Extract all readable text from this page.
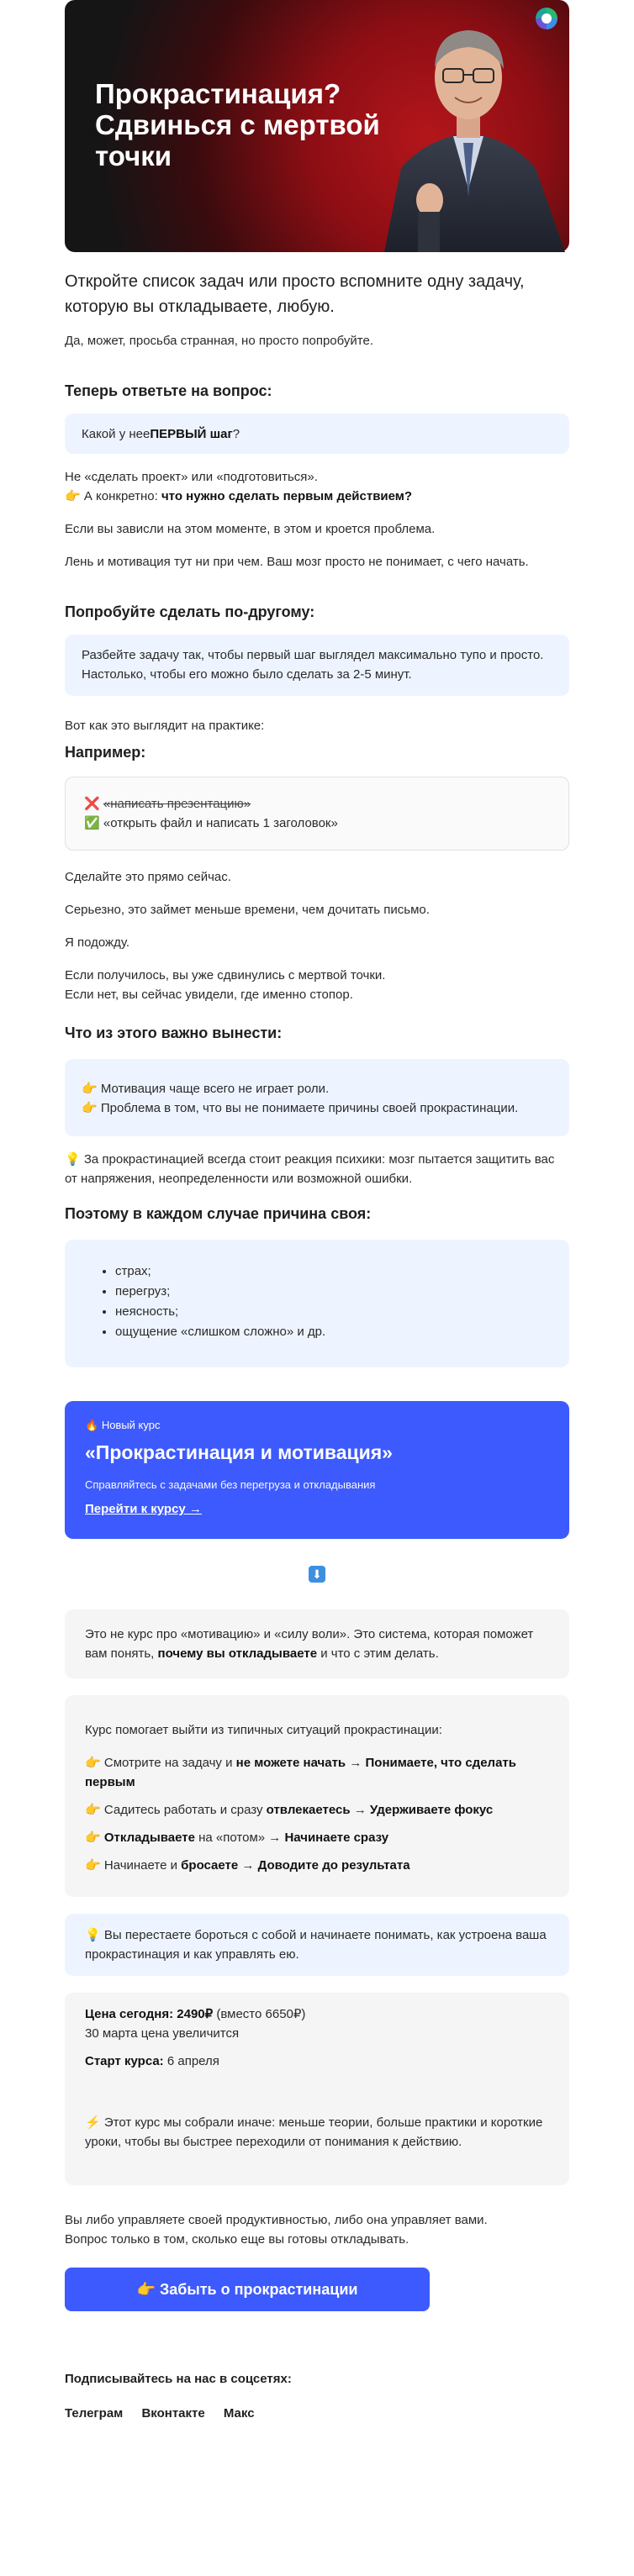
Прокрастинация? Сдвинься с мертвой точки

Откройте список задач или просто вспомните одну задачу, которую вы откладываете, любую.

Да, может, просьба странная, но просто попробуйте.

Теперь ответьте на вопрос:
Какой у нее ПЕРВЫЙ шаг ?

Не «сделать проект» или «подготовиться».

👉 А конкретно: что нужно сделать первым действием?

Если вы зависли на этом моменте, в этом и кроется проблема.

Лень и мотивация тут ни при чем. Ваш мозг просто не понимает, с чего начать.

Попробуйте сделать по-другому:

Разбейте задачу так, чтобы первый шаг выглядел максимально тупо и просто.

Настолько, чтобы его можно было сделать за 2-5 минут.

Вот как это выглядит на практике:

Например:

❌ «написать презентацию»

✅ «открыть файл и написать 1 заголовок»

Сделайте это прямо сейчас.

Серьезно, это займет меньше времени, чем дочитать письмо.

Я подожду.

Если получилось, вы уже сдвинулись с мертвой точки.

Если нет, вы сейчас увидели, где именно стопор.

Что из этого важно вынести:

👉 Мотивация чаще всего не играет роли.

👉 Проблема в том, что вы не понимаете причины своей прокрастинации.

💡 За прокрастинацией всегда стоит реакция психики: мозг пытается защитить вас от напряжения, неопределенности или возможной ошибки.

Поэтому в каждом случае причина своя:
• страх;
• перегруз;
• неясность;
• ощущение «слишком сложно» и др.
🔥 Новый курс
«Прокрастинация и мотивация»
Справляйтесь с задачами без перегруза и откладывания
Перейти к курсу →
⬇

Это не курс про «мотивацию» и «силу воли». Это система, которая поможет вам понять, почему вы откладываете и что с этим делать.

Курс помогает выйти из типичных ситуаций прокрастинации:

👉 Смотрите на задачу и не можете начать → Понимаете, что сделать первым

👉 Садитесь работать и сразу отвлекаетесь → Удерживаете фокус

👉 Откладываете на «потом» → Начинаете сразу

👉 Начинаете и бросаете → Доводите до результата

💡 Вы перестаете бороться с собой и начинаете понимать, как устроена ваша прокрастинация и как управлять ею.

Цена сегодня: 2490₽ (вместо 6650₽)

30 марта цена увеличится

Старт курса: 6 апреля

⚡ Этот курс мы собрали иначе: меньше теории, больше практики и короткие уроки, чтобы вы быстрее переходили от понимания к действию.

Вы либо управляете своей продуктивностью, либо она управляет вами.

Вопрос только в том, сколько еще вы готовы откладывать.

👉
Забыть о прокрастинации
Подписывайтесь на нас в соцсетях:
Телеграм Вконтакте Макс
